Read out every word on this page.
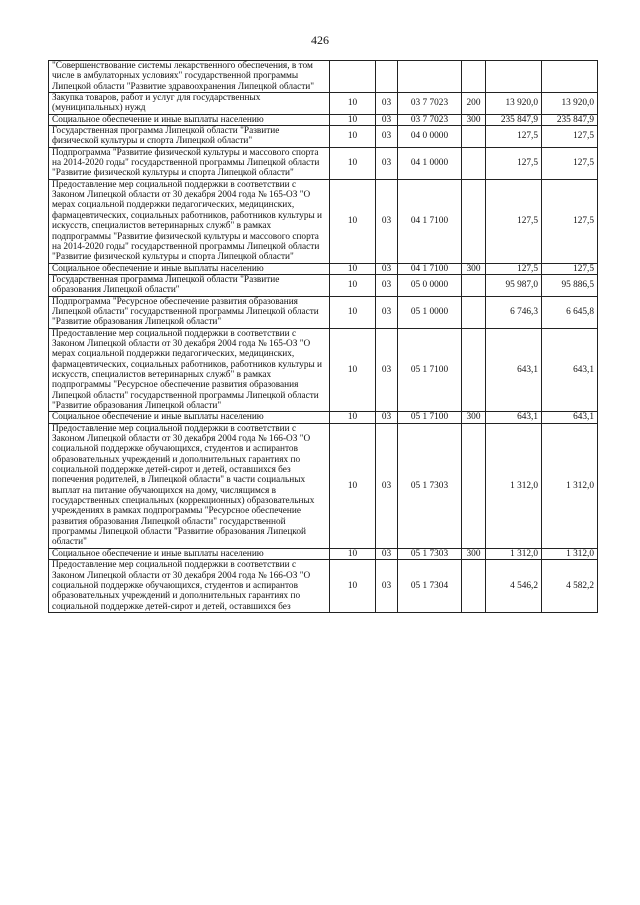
426
"Совершенствование системы лекарственного обеспечения, в том числе в амбулаторных условиях" государственной программы Липецкой области "Развитие здравоохранения Липецкой области"						
Закупка товаров, работ и услуг для государственных (муниципальных) нужд	10	03	03 7 7023	200	13 920,0	13 920,0
Социальное обеспечение и иные выплаты населению	10	03	03 7 7023	300	235 847,9	235 847,9
Государственная программа Липецкой области "Развитие физической культуры и спорта Липецкой области"	10	03	04 0 0000		127,5	127,5
Подпрограмма "Развитие физической культуры и массового спорта на 2014-2020 годы" государственной программы Липецкой области "Развитие физической культуры и спорта Липецкой области"	10	03	04 1 0000		127,5	127,5
Предоставление мер социальной поддержки в соответствии с Законом Липецкой области от 30 декабря 2004 года № 165-ОЗ "О мерах социальной поддержки педагогических, медицинских, фармацевтических, социальных работников, работников культуры и искусств, специалистов ветеринарных служб" в рамках подпрограммы "Развитие физической культуры и массового спорта на 2014-2020 годы" государственной программы Липецкой области "Развитие физической культуры и спорта Липецкой области"	10	03	04 1 7100		127,5	127,5
Социальное обеспечение и иные выплаты населению	10	03	04 1 7100	300	127,5	127,5
Государственная программа Липецкой области "Развитие образования Липецкой области"	10	03	05 0 0000		95 987,0	95 886,5
Подпрограмма "Ресурсное обеспечение развития образования Липецкой области" государственной программы Липецкой области "Развитие образования Липецкой области"	10	03	05 1 0000		6 746,3	6 645,8
Предоставление мер социальной поддержки в соответствии с Законом Липецкой области от 30 декабря 2004 года № 165-ОЗ "О мерах социальной поддержки педагогических, медицинских, фармацевтических, социальных работников, работников культуры и искусств, специалистов ветеринарных служб" в рамках подпрограммы "Ресурсное обеспечение развития образования Липецкой области" государственной программы Липецкой области "Развитие образования Липецкой области"	10	03	05 1 7100		643,1	643,1
Социальное обеспечение и иные выплаты населению	10	03	05 1 7100	300	643,1	643,1
Предоставление мер социальной поддержки в соответствии с Законом Липецкой области от 30 декабря 2004 года № 166-ОЗ "О социальной поддержке обучающихся, студентов и аспирантов образовательных учреждений и дополнительных гарантиях по социальной поддержке детей-сирот и детей, оставшихся без попечения родителей, в Липецкой области" в части социальных выплат на питание обучающихся на дому, числящимся в государственных специальных (коррекционных) образовательных учреждениях в рамках подпрограммы "Ресурсное обеспечение развития образования Липецкой области" государственной программы Липецкой области "Развитие образования Липецкой области"	10	03	05 1 7303		1 312,0	1 312,0
Социальное обеспечение и иные выплаты населению	10	03	05 1 7303	300	1 312,0	1 312,0
Предоставление мер социальной поддержки в соответствии с Законом Липецкой области от 30 декабря 2004 года № 166-ОЗ "О социальной поддержке обучающихся, студентов и аспирантов образовательных учреждений и дополнительных гарантиях по социальной поддержке детей-сирот и детей, оставшихся без	10	03	05 1 7304		4 546,2	4 582,2
